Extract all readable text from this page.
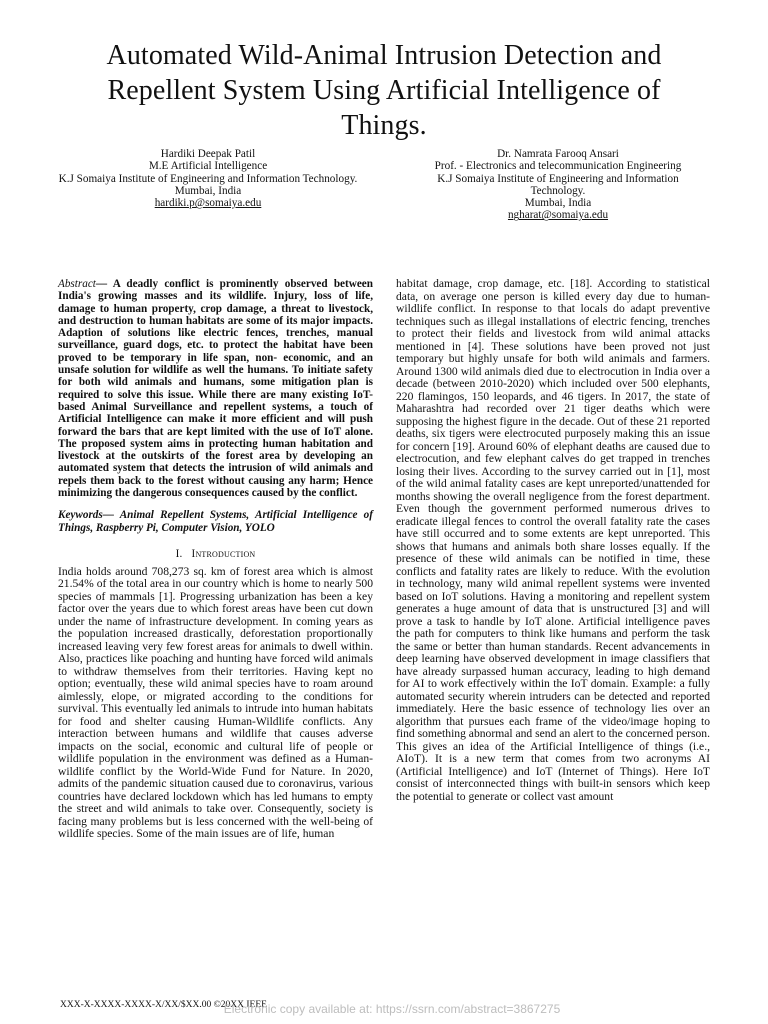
Automated Wild-Animal Intrusion Detection and Repellent System Using Artificial Intelligence of Things.
Hardiki Deepak Patil
M.E Artificial Intelligence
K.J Somaiya Institute of Engineering and Information Technology.
Mumbai, India
hardiki.p@somaiya.edu
Dr. Namrata Farooq Ansari
Prof. - Electronics and telecommunication Engineering
K.J Somaiya Institute of Engineering and Information Technology.
Mumbai, India
ngharat@somaiya.edu
Abstract— A deadly conflict is prominently observed between India's growing masses and its wildlife. Injury, loss of life, damage to human property, crop damage, a threat to livestock, and destruction to human habitats are some of its major impacts. Adaption of solutions like electric fences, trenches, manual surveillance, guard dogs, etc. to protect the habitat have been proved to be temporary in life span, non- economic, and an unsafe solution for wildlife as well the humans. To initiate safety for both wild animals and humans, some mitigation plan is required to solve this issue. While there are many existing IoT-based Animal Surveillance and repellent systems, a touch of Artificial Intelligence can make it more efficient and will push forward the bars that are kept limited with the use of IoT alone. The proposed system aims in protecting human habitation and livestock at the outskirts of the forest area by developing an automated system that detects the intrusion of wild animals and repels them back to the forest without causing any harm; Hence minimizing the dangerous consequences caused by the conflict.
Keywords— Animal Repellent Systems, Artificial Intelligence of Things, Raspberry Pi, Computer Vision, YOLO
I. Introduction

India holds around 708,273 sq. km of forest area which is almost 21.54% of the total area in our country which is home to nearly 500 species of mammals [1]. Progressing urbanization has been a key factor over the years due to which forest areas have been cut down under the name of infrastructure development. In coming years as the population increased drastically, deforestation proportionally increased leaving very few forest areas for animals to dwell within. Also, practices like poaching and hunting have forced wild animals to withdraw themselves from their territories. Having kept no option; eventually, these wild animal species have to roam around aimlessly, elope, or migrated according to the conditions for survival. This eventually led animals to intrude into human habitats for food and shelter causing Human-Wildlife conflicts. Any interaction between humans and wildlife that causes adverse impacts on the social, economic and cultural life of people or wildlife population in the environment was defined as a Human-wildlife conflict by the World-Wide Fund for Nature. In 2020, admits of the pandemic situation caused due to coronavirus, various countries have declared lockdown which has led humans to empty the street and wild animals to take over. Consequently, society is facing many problems but is less concerned with the well-being of wildlife species. Some of the main issues are of life, human

habitat damage, crop damage, etc. [18]. According to statistical data, on average one person is killed every day due to human-wildlife conflict. In response to that locals do adapt preventive techniques such as illegal installations of electric fencing, trenches to protect their fields and livestock from wild animal attacks mentioned in [4]. These solutions have been proved not just temporary but highly unsafe for both wild animals and farmers. Around 1300 wild animals died due to electrocution in India over a decade (between 2010-2020) which included over 500 elephants, 220 flamingos, 150 leopards, and 46 tigers. In 2017, the state of Maharashtra had recorded over 21 tiger deaths which were supposing the highest figure in the decade. Out of these 21 reported deaths, six tigers were electrocuted purposely making this an issue for concern [19]. Around 60% of elephant deaths are caused due to electrocution, and few elephant calves do get trapped in trenches losing their lives. According to the survey carried out in [1], most of the wild animal fatality cases are kept unreported/unattended for months showing the overall negligence from the forest department. Even though the government performed numerous drives to eradicate illegal fences to control the overall fatality rate the cases have still occurred and to some extents are kept unreported. This shows that humans and animals both share losses equally. If the presence of these wild animals can be notified in time, these conflicts and fatality rates are likely to reduce. With the evolution in technology, many wild animal repellent systems were invented based on IoT solutions. Having a monitoring and repellent system generates a huge amount of data that is unstructured [3] and will prove a task to handle by IoT alone. Artificial intelligence paves the path for computers to think like humans and perform the task the same or better than human standards. Recent advancements in deep learning have observed development in image classifiers that have already surpassed human accuracy, leading to high demand for AI to work effectively within the IoT domain. Example: a fully automated security wherein intruders can be detected and reported immediately. Here the basic essence of technology lies over an algorithm that pursues each frame of the video/image hoping to find something abnormal and send an alert to the concerned person. This gives an idea of the Artificial Intelligence of things (i.e., AIoT). It is a new term that comes from two acronyms AI (Artificial Intelligence) and IoT (Internet of Things). Here IoT consist of interconnected things with built-in sensors which keep the potential to generate or collect vast amount

XXX-X-XXXX-XXXX-X/XX/$XX.00 ©20XX IEEE
Electronic copy available at: https://ssrn.com/abstract=3867275
